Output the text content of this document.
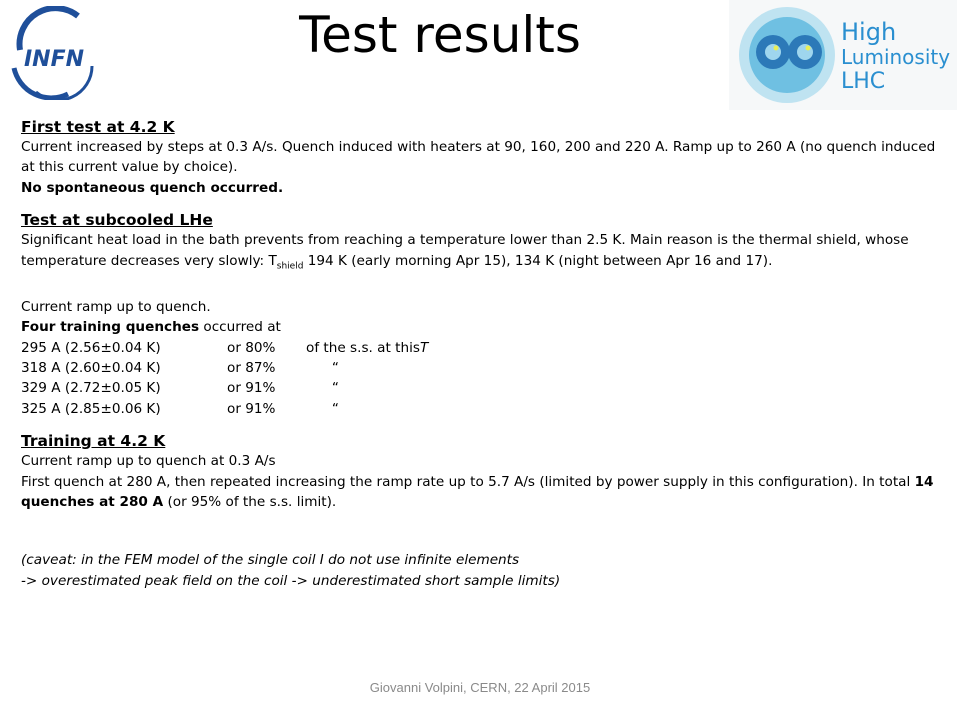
INFN	Test results	High
Luminosity
LHC

First test at 4.2 K

Current increased by steps at 0.3 A/s. Quench induced with heaters at 90, 160, 200 and 220 A. Ramp up to 260 A (no quench induced at this current value by choice).

No spontaneous quench occurred.

Test at subcooled LHe

Significant heat load in the bath prevents from reaching a temperature lower than 2.5 K. Main reason is the thermal shield, whose temperature decreases very slowly: $T_{shield}$ 194 K (early morning Apr 15), 134 K (night between Apr 16 and 17).

Current ramp up to quench.

Four training quenches occurred at

295 A (2.56±0.04 K)	or 80% of the s.s. at thisT
318 A (2.60±0.04 K)	or 87%      “
329 A (2.72±0.05 K)	or 91%      “
325 A (2.85±0.06 K)	or 91%      “

Training at 4.2 K

Current ramp up to quench at 0.3 A/s

First quench at 280 A, then repeated increasing the ramp rate up to 5.7 A/s (limited by power supply in this configuration). In total 14 quenches at 280 A (or 95% of the s.s. limit).

(caveat: in the FEM model of the single coil I do not use infinite elements

-> overestimated peak field on the coil -> underestimated short sample limits)

Giovanni Volpini, CERN, 22 April 2015
